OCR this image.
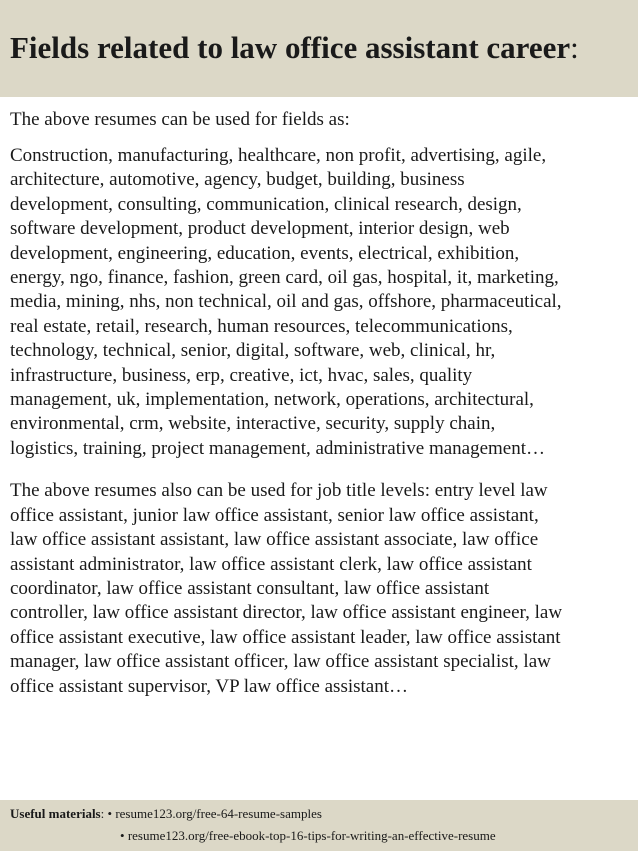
Fields related to law office assistant career:

The above resumes can be used for fields as:

Construction, manufacturing, healthcare, non profit, advertising, agile,
architecture, automotive, agency, budget, building, business
development, consulting, communication, clinical research, design,
software development, product development, interior design, web
development, engineering, education, events, electrical, exhibition,
energy, ngo, finance, fashion, green card, oil gas, hospital, it, marketing,
media, mining, nhs, non technical, oil and gas, offshore, pharmaceutical,
real estate, retail, research, human resources, telecommunications,
technology, technical, senior, digital, software, web, clinical, hr,
infrastructure, business, erp, creative, ict, hvac, sales, quality
management, uk, implementation, network, operations, architectural,
environmental, crm, website, interactive, security, supply chain,
logistics, training, project management, administrative management…
The above resumes also can be used for job title levels: entry level law
office assistant, junior law office assistant, senior law office assistant,
law office assistant assistant, law office assistant associate, law office
assistant administrator, law office assistant clerk, law office assistant
coordinator, law office assistant consultant, law office assistant
controller, law office assistant director, law office assistant engineer, law
office assistant executive, law office assistant leader, law office assistant
manager, law office assistant officer, law office assistant specialist, law
office assistant supervisor, VP law office assistant…
Useful materials: • resume123.org/free-64-resume-samples
• resume123.org/free-ebook-top-16-tips-for-writing-an-effective-resume
